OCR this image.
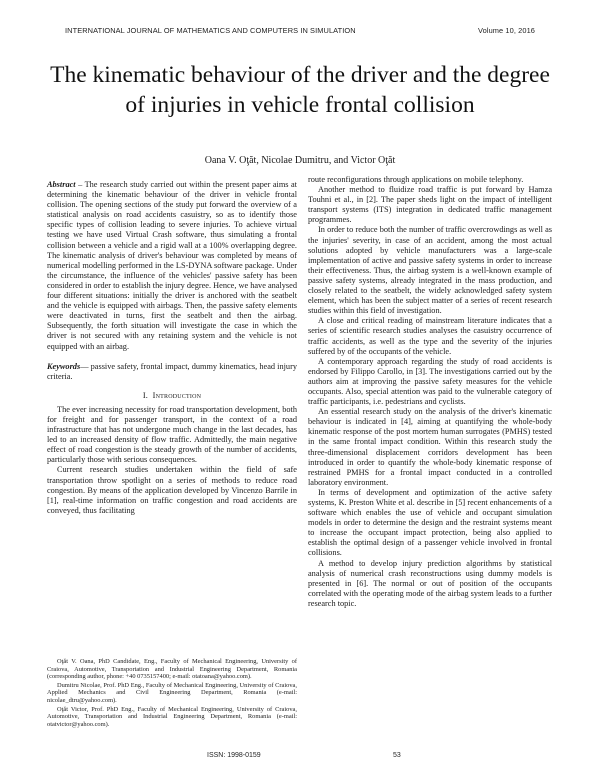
INTERNATIONAL JOURNAL OF MATHEMATICS AND COMPUTERS IN SIMULATION	Volume 10, 2016
The kinematic behaviour of the driver and the degree of injuries in vehicle frontal collision
Oana V. Oţăt, Nicolae Dumitru, and Victor Oţăt

Abstract – The research study carried out within the present paper aims at determining the kinematic behaviour of the driver in vehicle frontal collision. The opening sections of the study put forward the overview of a statistical analysis on road accidents casuistry, so as to identify those specific types of collision leading to severe injuries. To achieve virtual testing we have used Virtual Crash software, thus simulating a frontal collision between a vehicle and a rigid wall at a 100% overlapping degree. The kinematic analysis of driver's behaviour was completed by means of numerical modelling performed in the LS-DYNA software package. Under the circumstance, the influence of the vehicles' passive safety has been considered in order to establish the injury degree. Hence, we have analysed four different situations: initially the driver is anchored with the seatbelt and the vehicle is equipped with airbags. Then, the passive safety elements were deactivated in turns, first the seatbelt and then the airbag. Subsequently, the forth situation will investigate the case in which the driver is not secured with any retaining system and the vehicle is not equipped with an airbag.

Keywords— passive safety, frontal impact, dummy kinematics, head injury criteria.

I. Introduction

The ever increasing necessity for road transportation development, both for freight and for passenger transport, in the context of a road infrastructure that has not undergone much change in the last decades, has led to an increased density of flow traffic. Admittedly, the main negative effect of road congestion is the steady growth of the number of accidents, particularly those with serious consequences.

Current research studies undertaken within the field of safe transportation throw spotlight on a series of methods to reduce road congestion. By means of the application developed by Vincenzo Barrile in [1], real-time information on traffic congestion and road accidents are conveyed, thus facilitating

Oţăt V. Oana, PhD Candidate, Eng., Faculty of Mechanical Engineering, University of Craiova, Automotive, Transportation and Industrial Engineering Department, Romania (corresponding author, phone: +40 0735157400; e-mail: otatoana@yahoo.com).

Dumitru Nicolae, Prof. PhD Eng., Faculty of Mechanical Engineering, University of Craiova, Applied Mechanics and Civil Engineering Department, Romania (e-mail: nicolae_dtru@yahoo.com).

Oţăt Victor, Prof. PhD Eng., Faculty of Mechanical Engineering, University of Craiova, Automotive, Transportation and Industrial Engineering Department, Romania (e-mail: otatvictor@yahoo.com).

route reconfigurations through applications on mobile telephony.

Another method to fluidize road traffic is put forward by Hamza Touhni et al., in [2]. The paper sheds light on the impact of intelligent transport systems (ITS) integration in dedicated traffic management programmes.

In order to reduce both the number of traffic overcrowdings as well as the injuries' severity, in case of an accident, among the most actual solutions adopted by vehicle manufacturers was a large-scale implementation of active and passive safety systems in order to increase their effectiveness. Thus, the airbag system is a well-known example of passive safety systems, already integrated in the mass production, and closely related to the seatbelt, the widely acknowledged safety system element, which has been the subject matter of a series of recent research studies within this field of investigation.

A close and critical reading of mainstream literature indicates that a series of scientific research studies analyses the casuistry occurrence of traffic accidents, as well as the type and the severity of the injuries suffered by of the occupants of the vehicle.

A contemporary approach regarding the study of road accidents is endorsed by Filippo Carollo, in [3]. The investigations carried out by the authors aim at improving the passive safety measures for the vehicle occupants. Also, special attention was paid to the vulnerable category of traffic participants, i.e. pedestrians and cyclists.

An essential research study on the analysis of the driver's kinematic behaviour is indicated in [4], aiming at quantifying the whole-body kinematic response of the post mortem human surrogates (PMHS) tested in the same frontal impact condition. Within this research study the three-dimensional displacement corridors development has been introduced in order to quantify the whole-body kinematic response of restrained PMHS for a frontal impact conducted in a controlled laboratory environment.

In terms of development and optimization of the active safety systems, K. Preston White et al. describe in [5] recent enhancements of a software which enables the use of vehicle and occupant simulation models in order to determine the design and the restraint systems meant to increase the occupant impact protection, being also applied to establish the optimal design of a passenger vehicle involved in frontal collisions.

A method to develop injury prediction algorithms by statistical analysis of numerical crash reconstructions using dummy models is presented in [6]. The normal or out of position of the occupants correlated with the operating mode of the airbag system leads to a further research topic.

ISSN: 1998-0159	53
